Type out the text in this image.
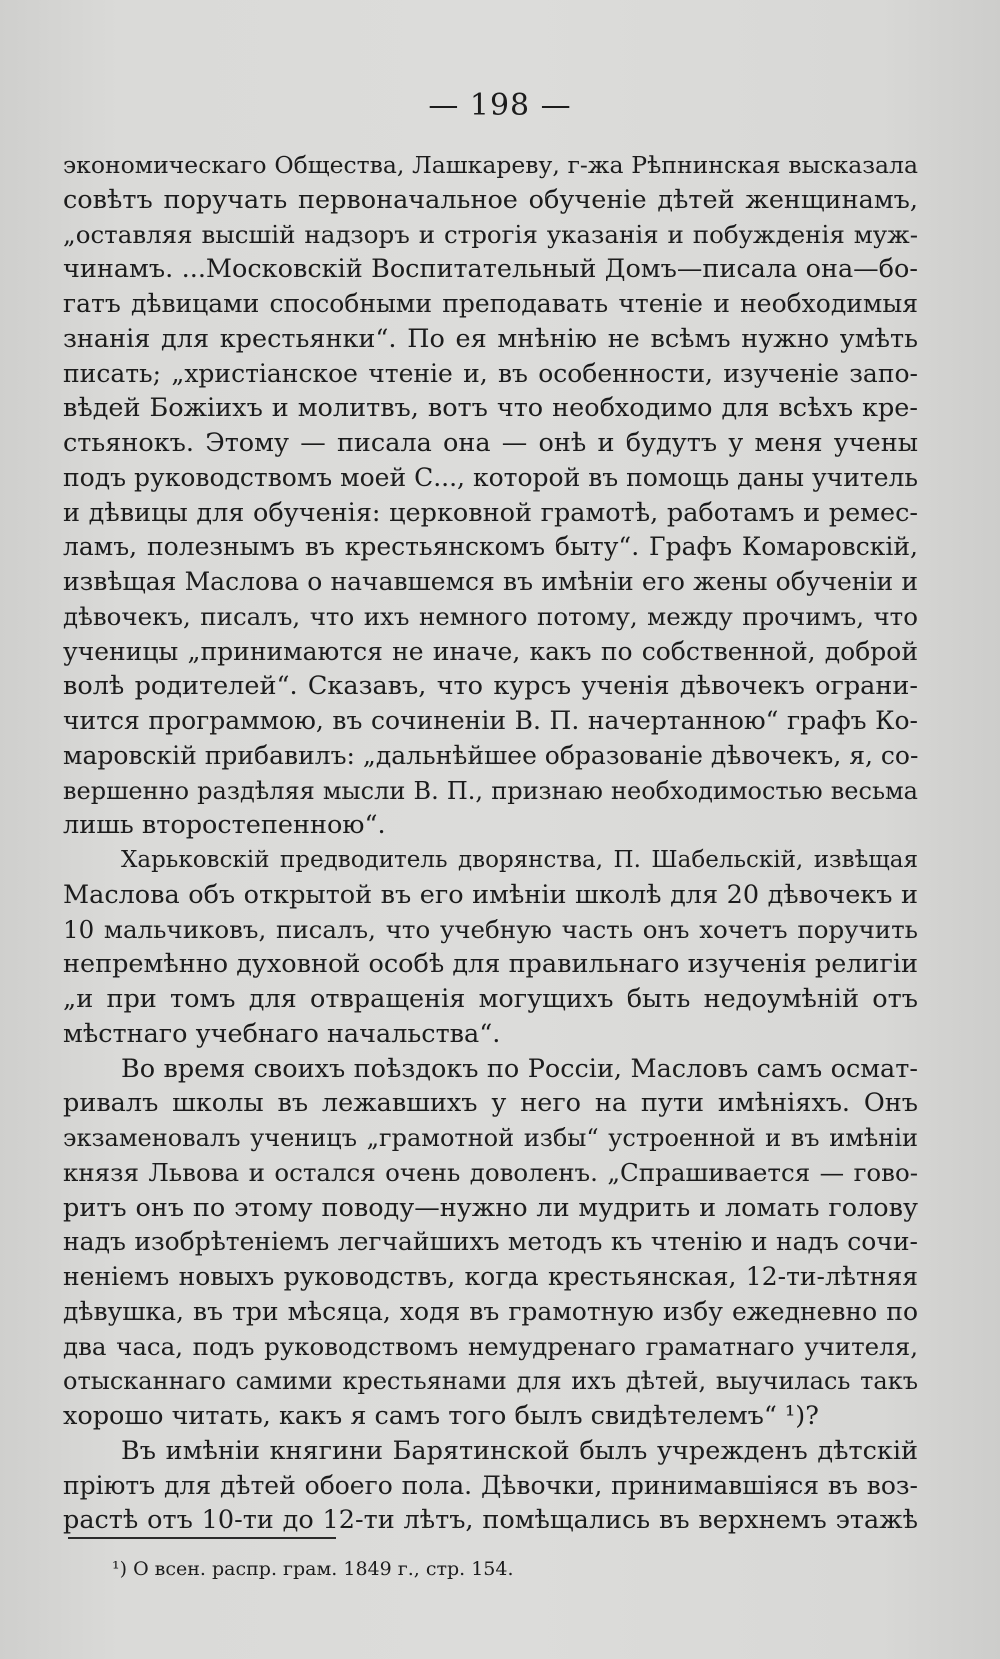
— 198 —
экономическаго Общества, Лашкареву, г-жа Рѣпнинская высказала
совѣтъ поручать первоначальное обученіе дѣтей женщинамъ,
„оставляя высшій надзоръ и строгія указанія и побужденія муж-
чинамъ. ...Московскій Воспитательный Домъ—писала она—бо-
гатъ дѣвицами способными преподавать чтеніе и необходимыя
знанія для крестьянки“. По ея мнѣнію не всѣмъ нужно умѣть
писать; „христіанское чтеніе и, въ особенности, изученіе запо-
вѣдей Божіихъ и молитвъ, вотъ что необходимо для всѣхъ кре-
стьянокъ. Этому — писала она — онѣ и будутъ у меня учены
подъ руководствомъ моей С..., которой въ помощь даны учитель
и дѣвицы для обученія: церковной грамотѣ, работамъ и ремес-
ламъ, полезнымъ въ крестьянскомъ быту“. Графъ Комаровскій,
извѣщая Маслова о начавшемся въ имѣніи его жены обученіи и
дѣвочекъ, писалъ, что ихъ немного потому, между прочимъ, что
ученицы „принимаются не иначе, какъ по собственной, доброй
волѣ родителей“. Сказавъ, что курсъ ученія дѣвочекъ ограни-
чится программою, въ сочиненіи В. П. начертанною“ графъ Ко-
маровскій прибавилъ: „дальнѣйшее образованіе дѣвочекъ, я, со-
вершенно раздѣляя мысли В. П., признаю необходимостью весьма
лишь второстепенною“.
Харьковскій предводитель дворянства, П. Шабельскій, извѣщая
Маслова объ открытой въ его имѣніи школѣ для 20 дѣвочекъ и
10 мальчиковъ, писалъ, что учебную часть онъ хочетъ поручить
непремѣнно духовной особѣ для правильнаго изученія религіи
„и при томъ для отвращенія могущихъ быть недоумѣній отъ
мѣстнаго учебнаго начальства“.
Во время своихъ поѣздокъ по Россіи, Масловъ самъ осмат-
ривалъ школы въ лежавшихъ у него на пути имѣніяхъ. Онъ
экзаменовалъ ученицъ „грамотной избы“ устроенной и въ имѣніи
князя Львова и остался очень доволенъ. „Спрашивается — гово-
ритъ онъ по этому поводу—нужно ли мудрить и ломать голову
надъ изобрѣтеніемъ легчайшихъ методъ къ чтенію и надъ сочи-
неніемъ новыхъ руководствъ, когда крестьянская, 12-ти-лѣтняя
дѣвушка, въ три мѣсяца, ходя въ грамотную избу ежедневно по
два часа, подъ руководствомъ немудренаго граматнаго учителя,
отысканнаго самими крестьянами для ихъ дѣтей, выучилась такъ
хорошо читать, какъ я самъ того былъ свидѣтелемъ“ ¹)?
Въ имѣніи княгини Барятинской былъ учрежденъ дѣтскій
пріютъ для дѣтей обоего пола. Дѣвочки, принимавшіяся въ воз-
растѣ отъ 10-ти до 12-ти лѣтъ, помѣщались въ верхнемъ этажѣ
¹) О всен. распр. грам. 1849 г., стр. 154.
